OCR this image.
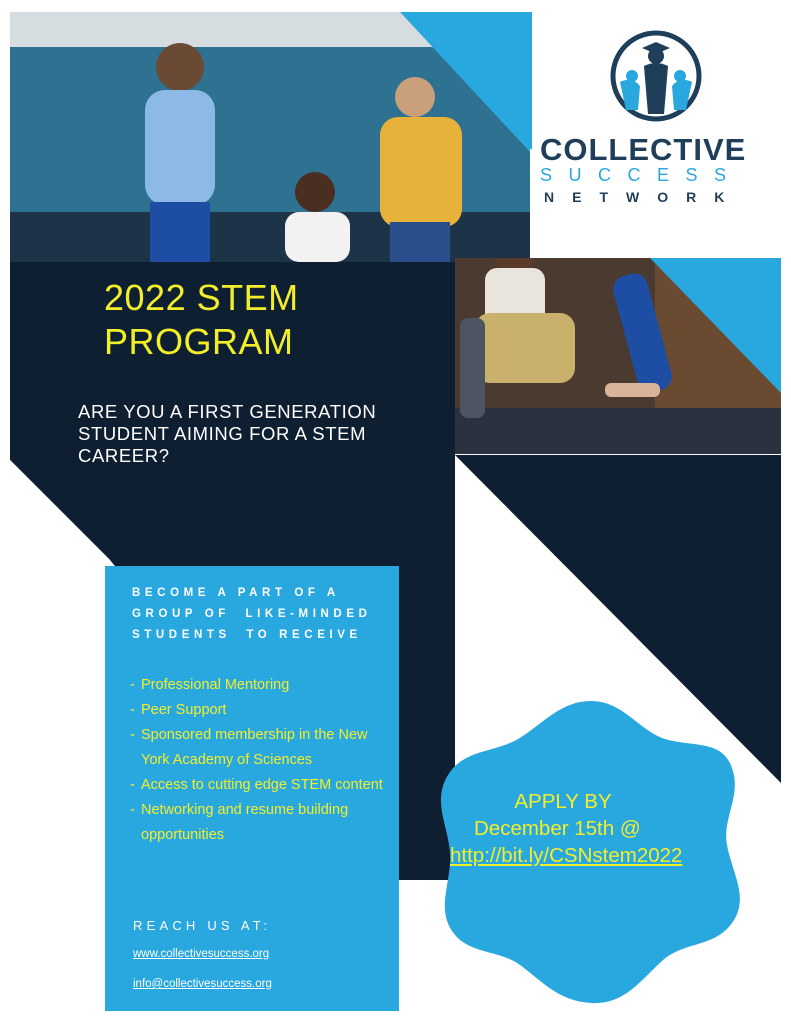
COLLECTIVE
SUCCESS
NETWORK
2022 STEM
PROGRAM
ARE YOU A FIRST GENERATION STUDENT AIMING FOR A STEM CAREER?
BECOME A PART OF A
GROUP OF  LIKE-MINDED
STUDENTS  TO RECEIVE
- Professional Mentoring
- Peer Support
- Sponsored membership in the New York Academy of Sciences
- Access to cutting edge STEM content
- Networking and resume building opportunities
REACH US AT:
www.collectivesuccess.org
info@collectivesuccess.org
APPLY BY
December 15th @
http://bit.ly/CSNstem2022
